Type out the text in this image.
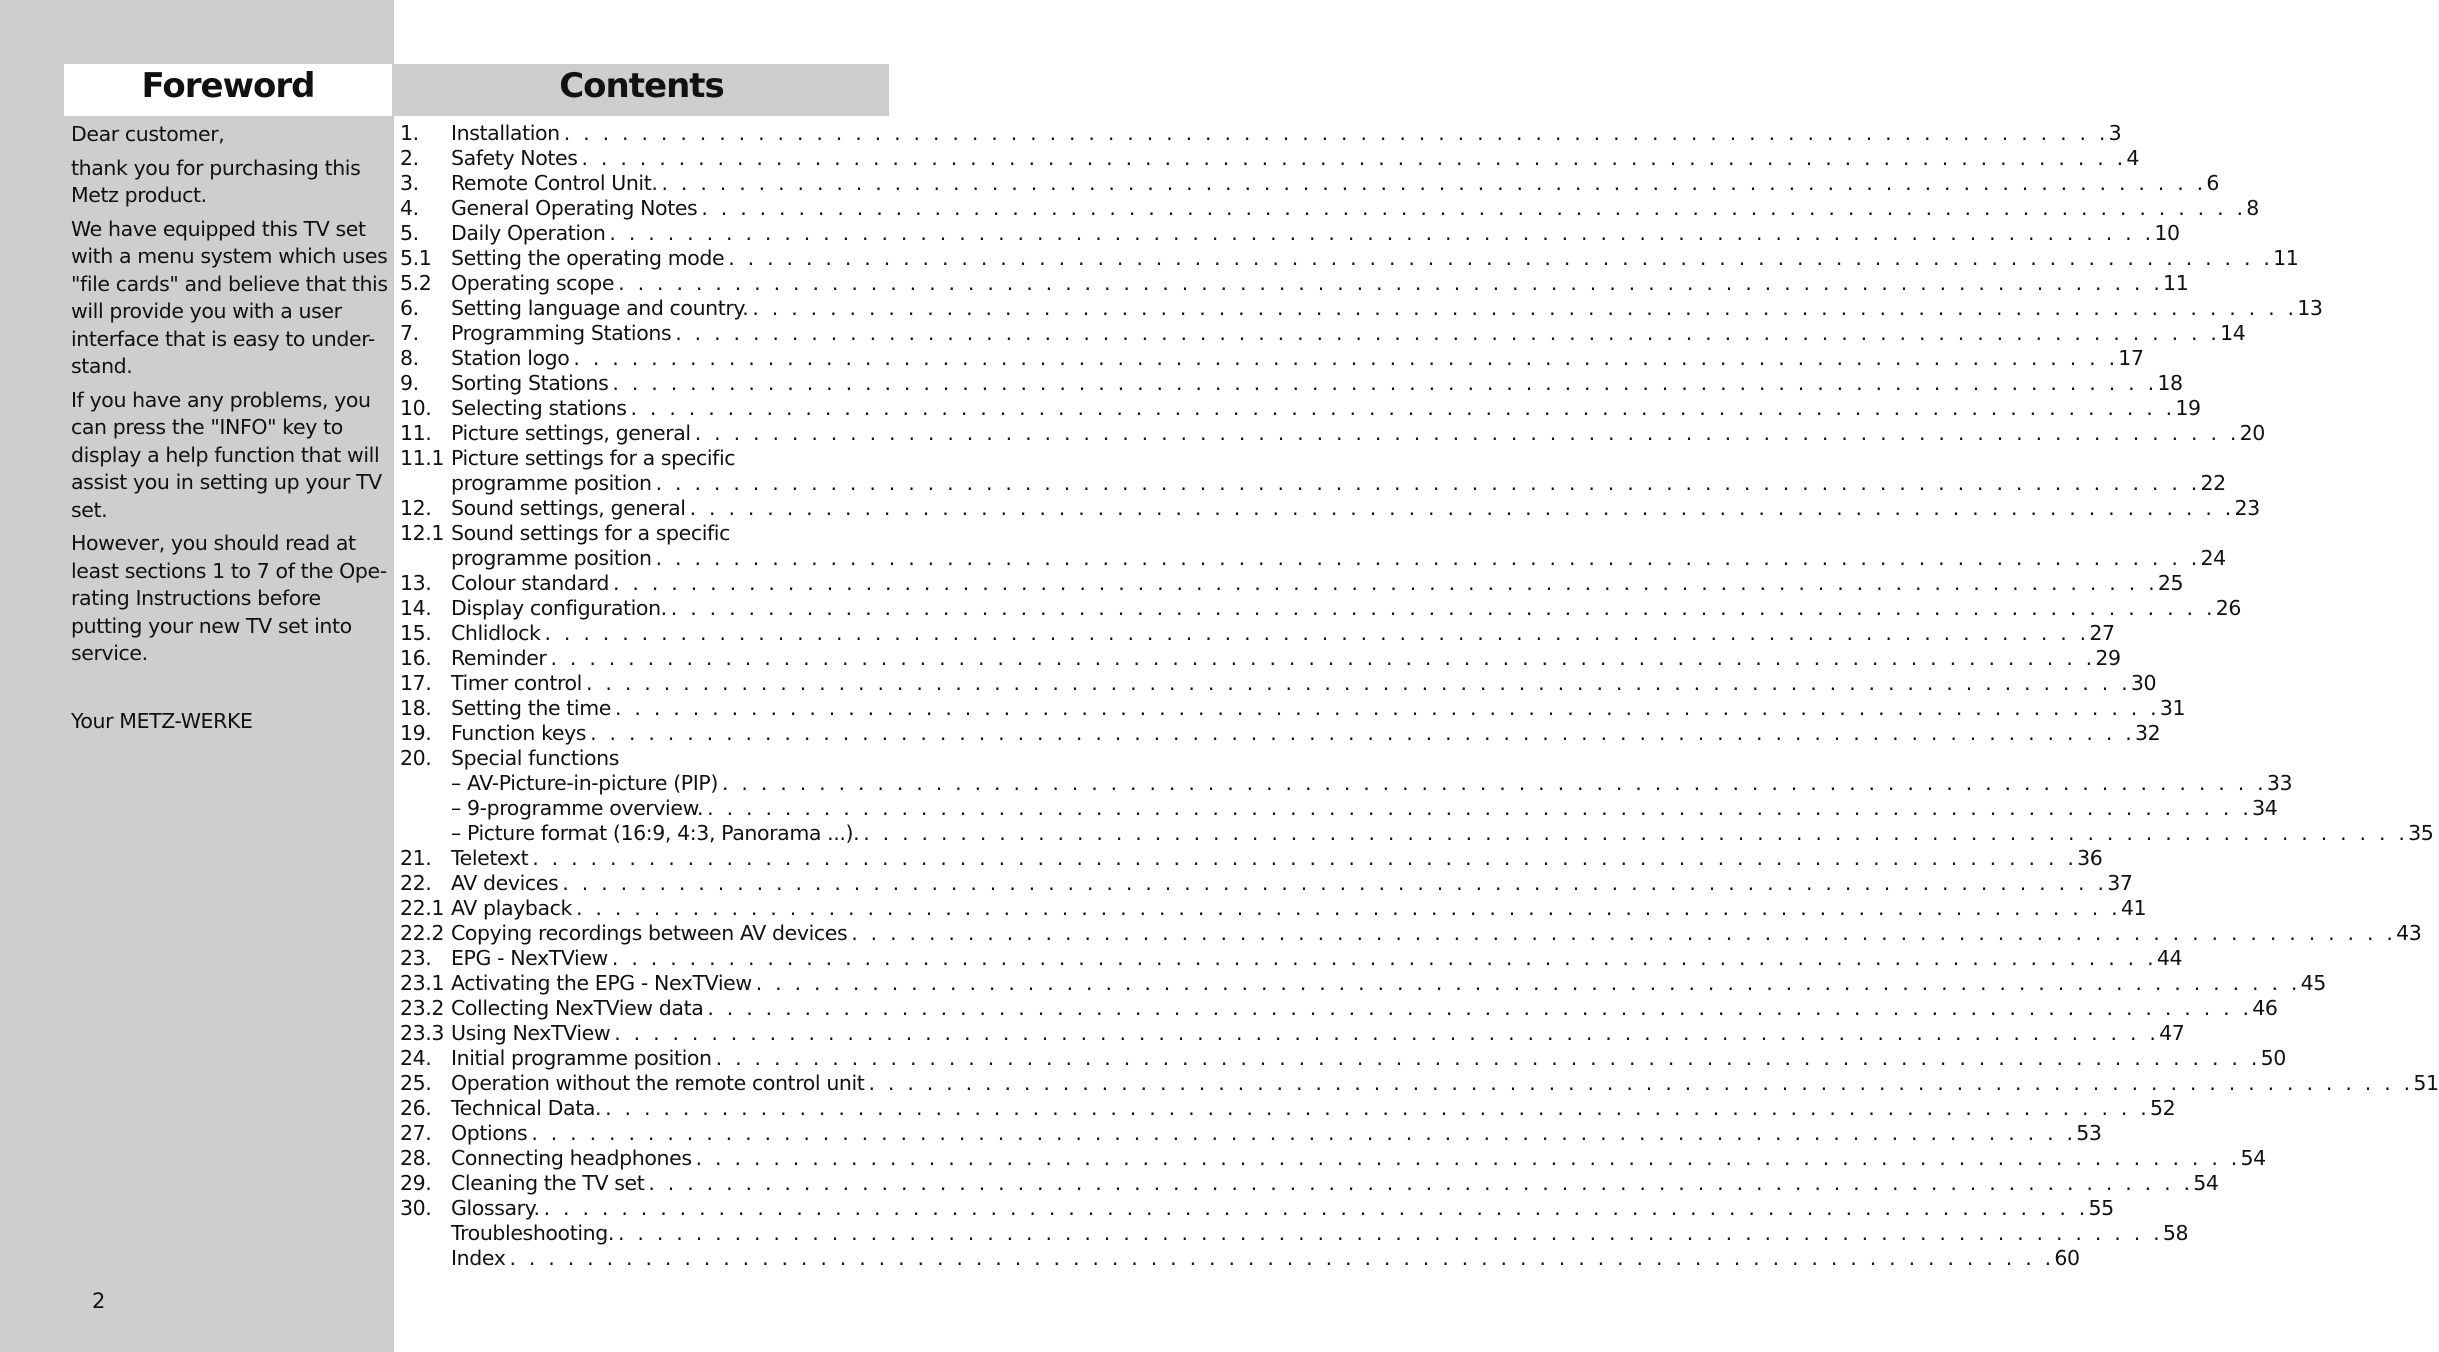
Foreword	Contents

Dear customer,

thank you for purchasing this Metz product.

We have equipped this TV set with a menu system which uses "file cards" and believe that this will provide you with a user interface that is easy to under-stand.

If you have any problems, you can press the "INFO" key to display a help function that will assist you in setting up your TV set.

However, you should read at least sections 1 to 7 of the Ope-rating Instructions before putting your new TV set into service.

Your METZ-WERKE

2
1. Installation . . . . . . . . . . . . . . . . . . . . . . . . . . . . . . . . . . . . . . . . . . . . . . . . . . . . . . . . . . . . . . . . . . . . . . . . . . . . . . . . 3
2. Safety Notes . . . . . . . . . . . . . . . . . . . . . . . . . . . . . . . . . . . . . . . . . . . . . . . . . . . . . . . . . . . . . . . . . . . . . . . . . . . . . . . . 4
3. Remote Control Unit. . . . . . . . . . . . . . . . . . . . . . . . . . . . . . . . . . . . . . . . . . . . . . . . . . . . . . . . . . . . . . . . . . . . . . . . . . . . . . . . . 6
4. General Operating Notes . . . . . . . . . . . . . . . . . . . . . . . . . . . . . . . . . . . . . . . . . . . . . . . . . . . . . . . . . . . . . . . . . . . . . . . . . . . . . . . . 8
5. Daily Operation . . . . . . . . . . . . . . . . . . . . . . . . . . . . . . . . . . . . . . . . . . . . . . . . . . . . . . . . . . . . . . . . . . . . . . . . . . . . . . . . 10
5.1 Setting the operating mode . . . . . . . . . . . . . . . . . . . . . . . . . . . . . . . . . . . . . . . . . . . . . . . . . . . . . . . . . . . . . . . . . . . . . . . . . . . . . . . . 11
5.2 Operating scope . . . . . . . . . . . . . . . . . . . . . . . . . . . . . . . . . . . . . . . . . . . . . . . . . . . . . . . . . . . . . . . . . . . . . . . . . . . . . . . . 11
6. Setting language and country. . . . . . . . . . . . . . . . . . . . . . . . . . . . . . . . . . . . . . . . . . . . . . . . . . . . . . . . . . . . . . . . . . . . . . . . . . . . . . . . . 13
7. Programming Stations . . . . . . . . . . . . . . . . . . . . . . . . . . . . . . . . . . . . . . . . . . . . . . . . . . . . . . . . . . . . . . . . . . . . . . . . . . . . . . . . 14
8. Station logo . . . . . . . . . . . . . . . . . . . . . . . . . . . . . . . . . . . . . . . . . . . . . . . . . . . . . . . . . . . . . . . . . . . . . . . . . . . . . . . . 17
9. Sorting Stations . . . . . . . . . . . . . . . . . . . . . . . . . . . . . . . . . . . . . . . . . . . . . . . . . . . . . . . . . . . . . . . . . . . . . . . . . . . . . . . . 18
10. Selecting stations . . . . . . . . . . . . . . . . . . . . . . . . . . . . . . . . . . . . . . . . . . . . . . . . . . . . . . . . . . . . . . . . . . . . . . . . . . . . . . . . 19
11. Picture settings, general . . . . . . . . . . . . . . . . . . . . . . . . . . . . . . . . . . . . . . . . . . . . . . . . . . . . . . . . . . . . . . . . . . . . . . . . . . . . . . . . 20
11.1 Picture settings for a specific
programme position . . . . . . . . . . . . . . . . . . . . . . . . . . . . . . . . . . . . . . . . . . . . . . . . . . . . . . . . . . . . . . . . . . . . . . . . . . . . . . . . 22
12. Sound settings, general . . . . . . . . . . . . . . . . . . . . . . . . . . . . . . . . . . . . . . . . . . . . . . . . . . . . . . . . . . . . . . . . . . . . . . . . . . . . . . . . 23
12.1 Sound settings for a specific
programme position . . . . . . . . . . . . . . . . . . . . . . . . . . . . . . . . . . . . . . . . . . . . . . . . . . . . . . . . . . . . . . . . . . . . . . . . . . . . . . . . 24
13. Colour standard . . . . . . . . . . . . . . . . . . . . . . . . . . . . . . . . . . . . . . . . . . . . . . . . . . . . . . . . . . . . . . . . . . . . . . . . . . . . . . . . 25
14. Display configuration. . . . . . . . . . . . . . . . . . . . . . . . . . . . . . . . . . . . . . . . . . . . . . . . . . . . . . . . . . . . . . . . . . . . . . . . . . . . . . . . . 26
15. Chlidlock . . . . . . . . . . . . . . . . . . . . . . . . . . . . . . . . . . . . . . . . . . . . . . . . . . . . . . . . . . . . . . . . . . . . . . . . . . . . . . . . 27
16. Reminder . . . . . . . . . . . . . . . . . . . . . . . . . . . . . . . . . . . . . . . . . . . . . . . . . . . . . . . . . . . . . . . . . . . . . . . . . . . . . . . . 29
17. Timer control . . . . . . . . . . . . . . . . . . . . . . . . . . . . . . . . . . . . . . . . . . . . . . . . . . . . . . . . . . . . . . . . . . . . . . . . . . . . . . . . 30
18. Setting the time . . . . . . . . . . . . . . . . . . . . . . . . . . . . . . . . . . . . . . . . . . . . . . . . . . . . . . . . . . . . . . . . . . . . . . . . . . . . . . . . 31
19. Function keys . . . . . . . . . . . . . . . . . . . . . . . . . . . . . . . . . . . . . . . . . . . . . . . . . . . . . . . . . . . . . . . . . . . . . . . . . . . . . . . . 32
20. Special functions
– AV-Picture-in-picture (PIP) . . . . . . . . . . . . . . . . . . . . . . . . . . . . . . . . . . . . . . . . . . . . . . . . . . . . . . . . . . . . . . . . . . . . . . . . . . . . . . . . 33
– 9-programme overview. . . . . . . . . . . . . . . . . . . . . . . . . . . . . . . . . . . . . . . . . . . . . . . . . . . . . . . . . . . . . . . . . . . . . . . . . . . . . . . . . 34
– Picture format (16:9, 4:3, Panorama ...). . . . . . . . . . . . . . . . . . . . . . . . . . . . . . . . . . . . . . . . . . . . . . . . . . . . . . . . . . . . . . . . . . . . . . . . . . . . . . . . . 35
21. Teletext . . . . . . . . . . . . . . . . . . . . . . . . . . . . . . . . . . . . . . . . . . . . . . . . . . . . . . . . . . . . . . . . . . . . . . . . . . . . . . . . 36
22. AV devices . . . . . . . . . . . . . . . . . . . . . . . . . . . . . . . . . . . . . . . . . . . . . . . . . . . . . . . . . . . . . . . . . . . . . . . . . . . . . . . . 37
22.1 AV playback . . . . . . . . . . . . . . . . . . . . . . . . . . . . . . . . . . . . . . . . . . . . . . . . . . . . . . . . . . . . . . . . . . . . . . . . . . . . . . . . 41
22.2 Copying recordings between AV devices . . . . . . . . . . . . . . . . . . . . . . . . . . . . . . . . . . . . . . . . . . . . . . . . . . . . . . . . . . . . . . . . . . . . . . . . . . . . . . . . 43
23. EPG - NexTView . . . . . . . . . . . . . . . . . . . . . . . . . . . . . . . . . . . . . . . . . . . . . . . . . . . . . . . . . . . . . . . . . . . . . . . . . . . . . . . . 44
23.1 Activating the EPG - NexTView . . . . . . . . . . . . . . . . . . . . . . . . . . . . . . . . . . . . . . . . . . . . . . . . . . . . . . . . . . . . . . . . . . . . . . . . . . . . . . . . 45
23.2 Collecting NexTView data . . . . . . . . . . . . . . . . . . . . . . . . . . . . . . . . . . . . . . . . . . . . . . . . . . . . . . . . . . . . . . . . . . . . . . . . . . . . . . . . 46
23.3 Using NexTView . . . . . . . . . . . . . . . . . . . . . . . . . . . . . . . . . . . . . . . . . . . . . . . . . . . . . . . . . . . . . . . . . . . . . . . . . . . . . . . . 47
24. Initial programme position . . . . . . . . . . . . . . . . . . . . . . . . . . . . . . . . . . . . . . . . . . . . . . . . . . . . . . . . . . . . . . . . . . . . . . . . . . . . . . . . 50
25. Operation without the remote control unit . . . . . . . . . . . . . . . . . . . . . . . . . . . . . . . . . . . . . . . . . . . . . . . . . . . . . . . . . . . . . . . . . . . . . . . . . . . . . . . . 51
26. Technical Data. . . . . . . . . . . . . . . . . . . . . . . . . . . . . . . . . . . . . . . . . . . . . . . . . . . . . . . . . . . . . . . . . . . . . . . . . . . . . . . . . 52
27. Options . . . . . . . . . . . . . . . . . . . . . . . . . . . . . . . . . . . . . . . . . . . . . . . . . . . . . . . . . . . . . . . . . . . . . . . . . . . . . . . . 53
28. Connecting headphones . . . . . . . . . . . . . . . . . . . . . . . . . . . . . . . . . . . . . . . . . . . . . . . . . . . . . . . . . . . . . . . . . . . . . . . . . . . . . . . . 54
29. Cleaning the TV set . . . . . . . . . . . . . . . . . . . . . . . . . . . . . . . . . . . . . . . . . . . . . . . . . . . . . . . . . . . . . . . . . . . . . . . . . . . . . . . . 54
30. Glossary. . . . . . . . . . . . . . . . . . . . . . . . . . . . . . . . . . . . . . . . . . . . . . . . . . . . . . . . . . . . . . . . . . . . . . . . . . . . . . . . . 55
Troubleshooting. . . . . . . . . . . . . . . . . . . . . . . . . . . . . . . . . . . . . . . . . . . . . . . . . . . . . . . . . . . . . . . . . . . . . . . . . . . . . . . . . 58
Index . . . . . . . . . . . . . . . . . . . . . . . . . . . . . . . . . . . . . . . . . . . . . . . . . . . . . . . . . . . . . . . . . . . . . . . . . . . . . . . . 60
